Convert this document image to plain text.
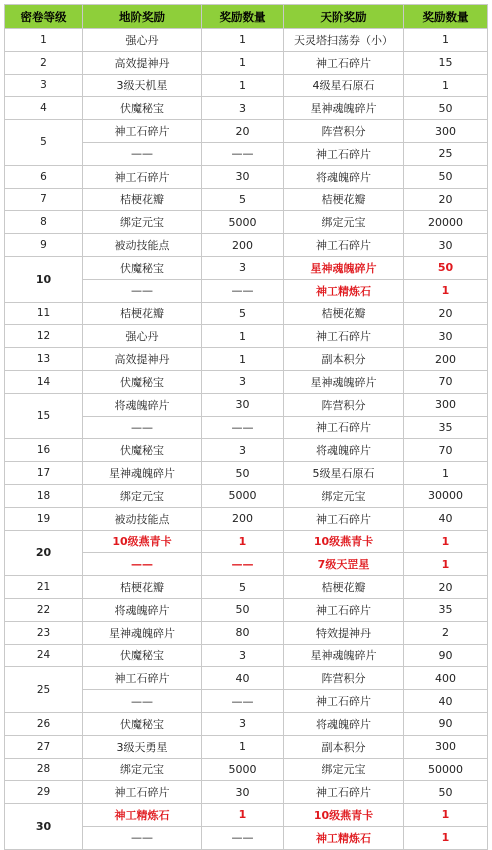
密卷等级	地阶奖励	奖励数量	天阶奖励	奖励数量
1	强心丹	1	天灵塔扫荡券（小）	1
2	高效提神丹	1	神工石碎片	15
3	3级天机星	1	4级星石原石	1
4	伏魔秘宝	3	星神魂魄碎片	50
5	神工石碎片	20	阵营积分	300
	——	——	神工石碎片	25
6	神工石碎片	30	将魂魄碎片	50
7	桔梗花瓣	5	桔梗花瓣	20
8	绑定元宝	5000	绑定元宝	20000
9	被动技能点	200	神工石碎片	30
10	伏魔秘宝	3	星神魂魄碎片	50
	——	——	神工精炼石	1
11	桔梗花瓣	5	桔梗花瓣	20
12	强心丹	1	神工石碎片	30
13	高效提神丹	1	副本积分	200
14	伏魔秘宝	3	星神魂魄碎片	70
15	将魂魄碎片	30	阵营积分	300
	——	——	神工石碎片	35
16	伏魔秘宝	3	将魂魄碎片	70
17	星神魂魄碎片	50	5级星石原石	1
18	绑定元宝	5000	绑定元宝	30000
19	被动技能点	200	神工石碎片	40
20	10级燕青卡	1	10级燕青卡	1
	——	——	7级天罡星	1
21	桔梗花瓣	5	桔梗花瓣	20
22	将魂魄碎片	50	神工石碎片	35
23	星神魂魄碎片	80	特效提神丹	2
24	伏魔秘宝	3	星神魂魄碎片	90
25	神工石碎片	40	阵营积分	400
	——	——	神工石碎片	40
26	伏魔秘宝	3	将魂魄碎片	90
27	3级天勇星	1	副本积分	300
28	绑定元宝	5000	绑定元宝	50000
29	神工石碎片	30	神工石碎片	50
30	神工精炼石	1	10级燕青卡	1
	——	——	神工精炼石	1
